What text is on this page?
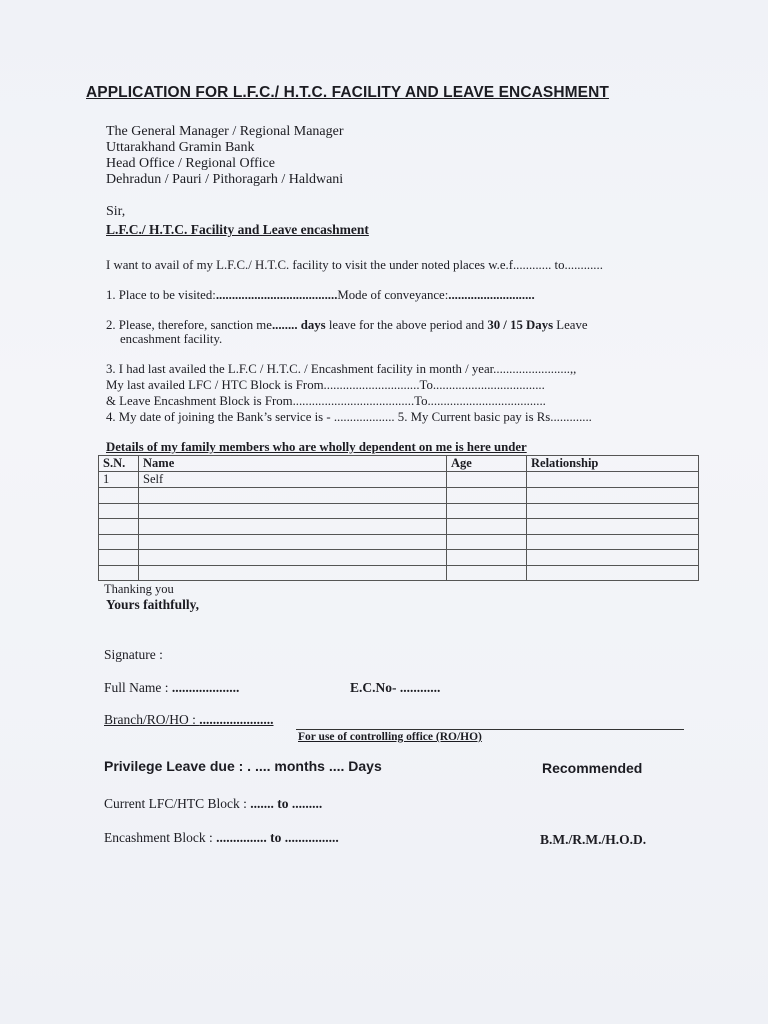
APPLICATION FOR L.F.C./ H.T.C. FACILITY AND LEAVE ENCASHMENT
The General Manager / Regional Manager
Uttarakhand Gramin Bank
Head Office / Regional Office
Dehradun / Pauri / Pithoragarh / Haldwani
Sir,
L.F.C./ H.T.C. Facility and Leave encashment
I want to avail of my L.F.C./ H.T.C. facility to visit the under noted places w.e.f............ to............
1. Place to be visited:......................................Mode of conveyance:...........................
2. Please, therefore, sanction me........ days leave for the above period and 30 / 15 Days Leave
encashment facility.
3. I had last availed the L.F.C / H.T.C. / Encashment facility in month / year........................,,
My last availed LFC / HTC Block is From..............................To...................................
& Leave Encashment Block is From......................................To.....................................
4. My date of joining the Bank’s service is - ................... 5. My Current basic pay is Rs.............
Details of my family members who are wholly dependent on me is here under
S.N.	Name	Age	Relationship
1	Self		

Thanking you
Yours faithfully,
Signature :
Full Name : ....................	E.C.No- ............
Branch/RO/HO : ......................
For use of controlling office (RO/HO)
Privilege Leave due : . .... months .... Days	Recommended
Current LFC/HTC Block : ....... to .........
Encashment Block : ............... to ................	B.M./R.M./H.O.D.
